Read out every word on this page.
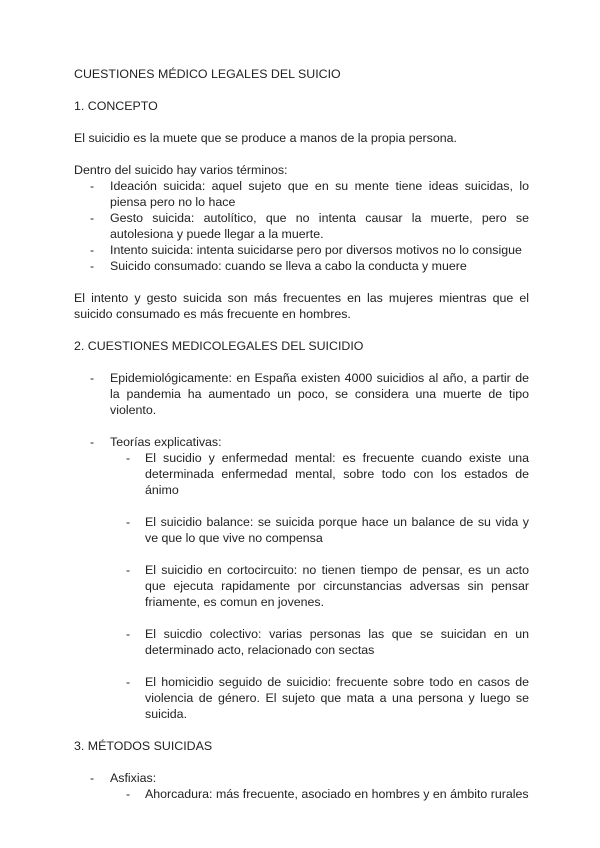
CUESTIONES MÉDICO LEGALES DEL SUICIO

1. CONCEPTO

El suicidio es la muete que se produce a manos de la propia persona.

Dentro del suicido hay varios términos:

- Ideación suicida: aquel sujeto que en su mente tiene ideas suicidas, lo piensa pero no lo hace
- Gesto suicida: autolítico, que no intenta causar la muerte, pero se autolesiona y puede llegar a la muerte.
- Intento suicida: intenta suicidarse pero por diversos motivos no lo consigue
- Suicido consumado: cuando se lleva a cabo la conducta y muere

El intento y gesto suicida son más frecuentes en las mujeres mientras que el suicido consumado es más frecuente en hombres.

2. CUESTIONES MEDICOLEGALES DEL SUICIDIO

- Epidemiológicamente: en España existen 4000 suicidios al año, a partir de la pandemia ha aumentado un poco, se considera una muerte de tipo violento.
- Teorías explicativas:
- El sucidio y enfermedad mental: es frecuente cuando existe una determinada enfermedad mental, sobre todo con los estados de ánimo
- El suicidio balance: se suicida porque hace un balance de su vida y ve que lo que vive no compensa
- El suicidio en cortocircuito: no tienen tiempo de pensar, es un acto que ejecuta rapidamente por circunstancias adversas sin pensar friamente, es comun en jovenes.
- El suicdio colectivo: varias personas las que se suicidan en un determinado acto, relacionado con sectas
- El homicidio seguido de suicidio: frecuente sobre todo en casos de violencia de género. El sujeto que mata a una persona y luego se suicida.

3. MÉTODOS SUICIDAS

- Asfixias:
- Ahorcadura: más frecuente, asociado en hombres y en ámbito rurales
